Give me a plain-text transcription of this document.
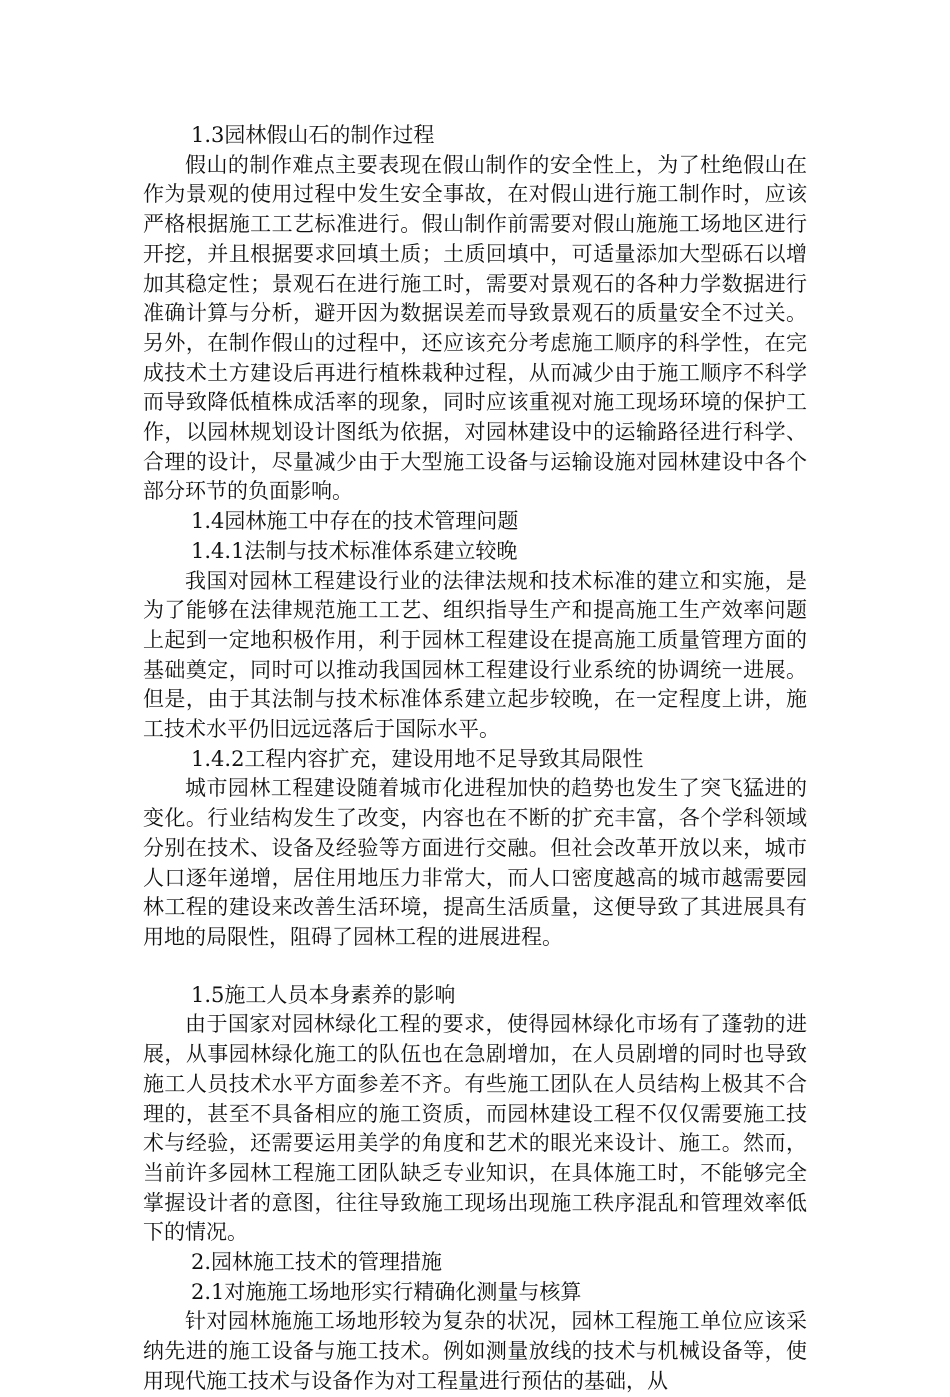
1.3园林假山石的制作过程

假山的制作难点主要表现在假山制作的安全性上，为了杜绝假山在作为景观的使用过程中发生安全事故，在对假山进行施工制作时，应该严格根据施工工艺标准进行。假山制作前需要对假山施施工场地区进行开挖，并且根据要求回填土质；土质回填中，可适量添加大型砾石以增加其稳定性；景观石在进行施工时，需要对景观石的各种力学数据进行准确计算与分析，避开因为数据误差而导致景观石的质量安全不过关。另外，在制作假山的过程中，还应该充分考虑施工顺序的科学性，在完成技术土方建设后再进行植株栽种过程，从而减少由于施工顺序不科学而导致降低植株成活率的现象，同时应该重视对施工现场环境的保护工作，以园林规划设计图纸为依据，对园林建设中的运输路径进行科学、合理的设计，尽量减少由于大型施工设备与运输设施对园林建设中各个部分环节的负面影响。

1.4园林施工中存在的技术管理问题

1.4.1法制与技术标准体系建立较晚

我国对园林工程建设行业的法律法规和技术标准的建立和实施，是为了能够在法律规范施工工艺、组织指导生产和提高施工生产效率问题上起到一定地积极作用，利于园林工程建设在提高施工质量管理方面的基础奠定，同时可以推动我国园林工程建设行业系统的协调统一进展。但是，由于其法制与技术标准体系建立起步较晚，在一定程度上讲，施工技术水平仍旧远远落后于国际水平。

1.4.2工程内容扩充，建设用地不足导致其局限性

城市园林工程建设随着城市化进程加快的趋势也发生了突飞猛进的变化。行业结构发生了改变，内容也在不断的扩充丰富，各个学科领域分别在技术、设备及经验等方面进行交融。但社会改革开放以来，城市人口逐年递增，居住用地压力非常大，而人口密度越高的城市越需要园林工程的建设来改善生活环境，提高生活质量，这便导致了其进展具有用地的局限性，阻碍了园林工程的进展进程。

1.5施工人员本身素养的影响

由于国家对园林绿化工程的要求，使得园林绿化市场有了蓬勃的进展，从事园林绿化施工的队伍也在急剧增加，在人员剧增的同时也导致施工人员技术水平方面参差不齐。有些施工团队在人员结构上极其不合理的，甚至不具备相应的施工资质，而园林建设工程不仅仅需要施工技术与经验，还需要运用美学的角度和艺术的眼光来设计、施工。然而，当前许多园林工程施工团队缺乏专业知识，在具体施工时，不能够完全掌握设计者的意图，往往导致施工现场出现施工秩序混乱和管理效率低下的情况。

2.园林施工技术的管理措施

2.1对施施工场地形实行精确化测量与核算

针对园林施施工场地形较为复杂的状况，园林工程施工单位应该采纳先进的施工设备与施工技术。例如测量放线的技术与机械设备等，使用现代施工技术与设备作为对工程量进行预估的基础，从
